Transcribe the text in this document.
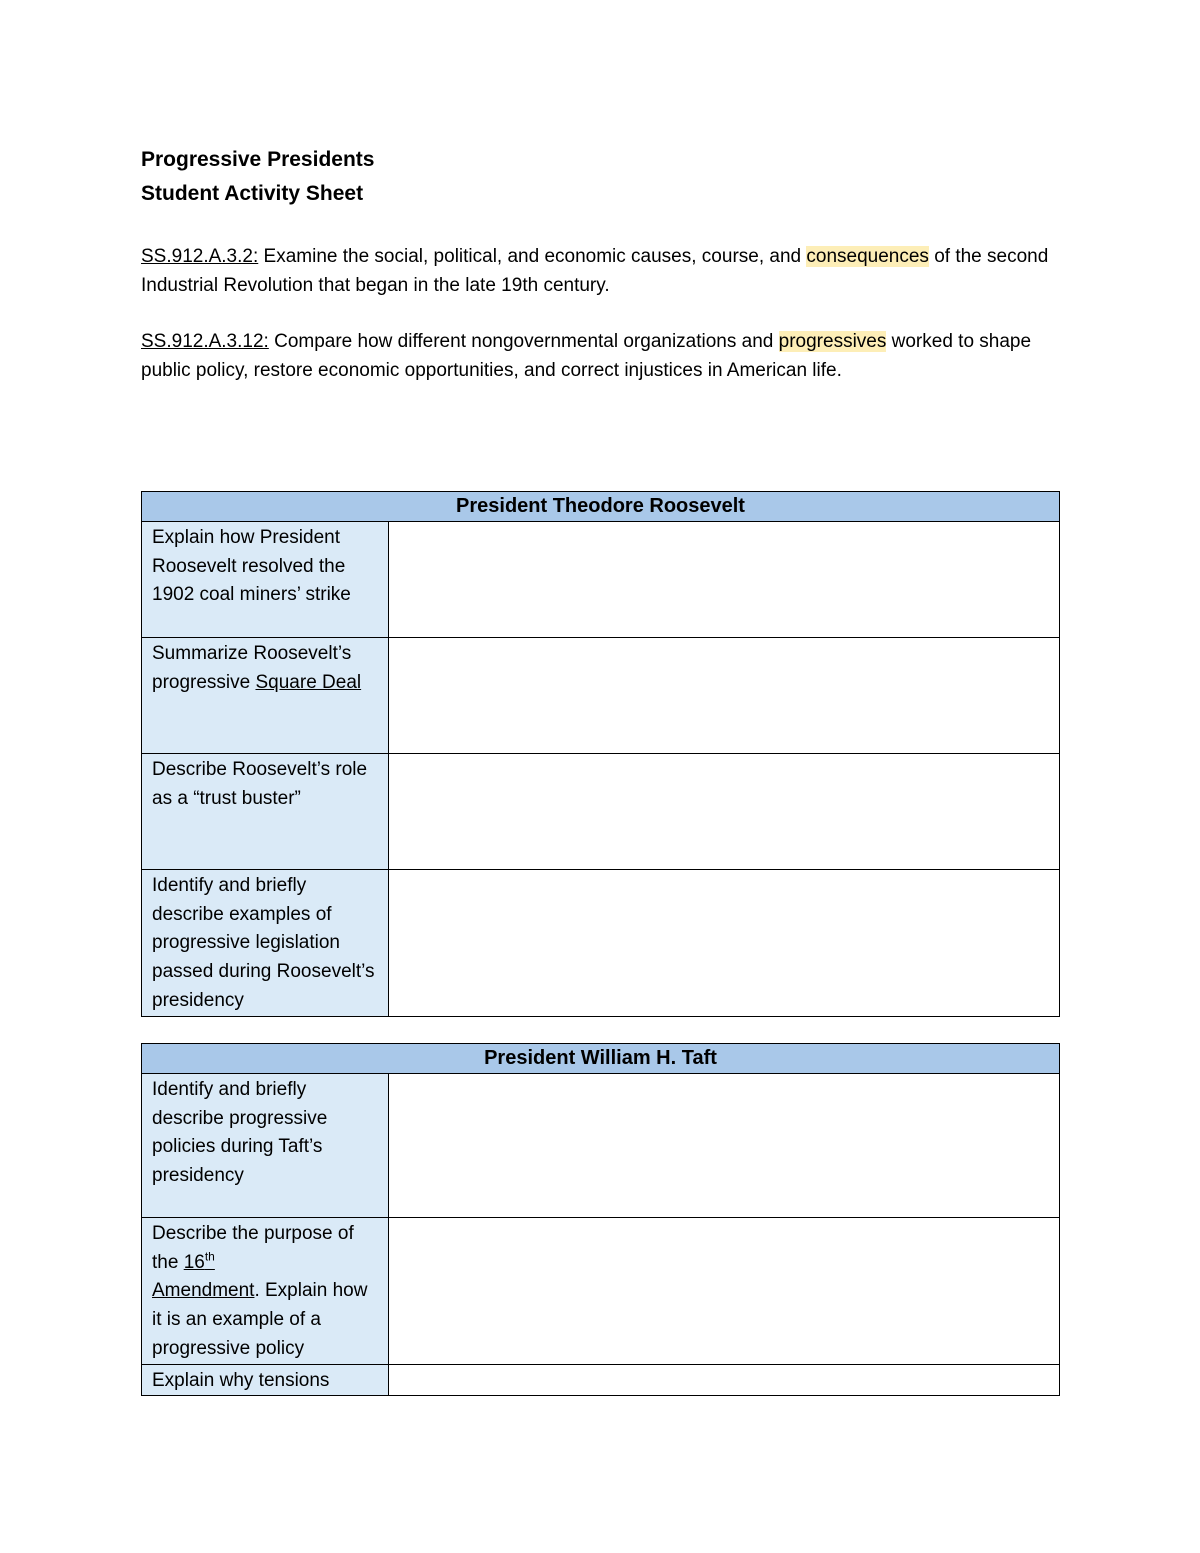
Progressive Presidents

Student Activity Sheet

SS.912.A.3.2: Examine the social, political, and economic causes, course, and consequences of the second Industrial Revolution that began in the late 19th century.

SS.912.A.3.12: Compare how different nongovernmental organizations and progressives worked to shape public policy, restore economic opportunities, and correct injustices in American life.

President Theodore Roosevelt	
Explain how President Roosevelt resolved the 1902 coal miners’ strike	
Summarize Roosevelt’s progressive Square Deal	
Describe Roosevelt’s role as a “trust buster”	
Identify and briefly describe examples of progressive legislation passed during Roosevelt’s presidency	
President William H. Taft	
Identify and briefly describe progressive policies during Taft’s presidency	
Describe the purpose of the 16th
Amendment. Explain how it is an example of a progressive policy	
Explain why tensions	
